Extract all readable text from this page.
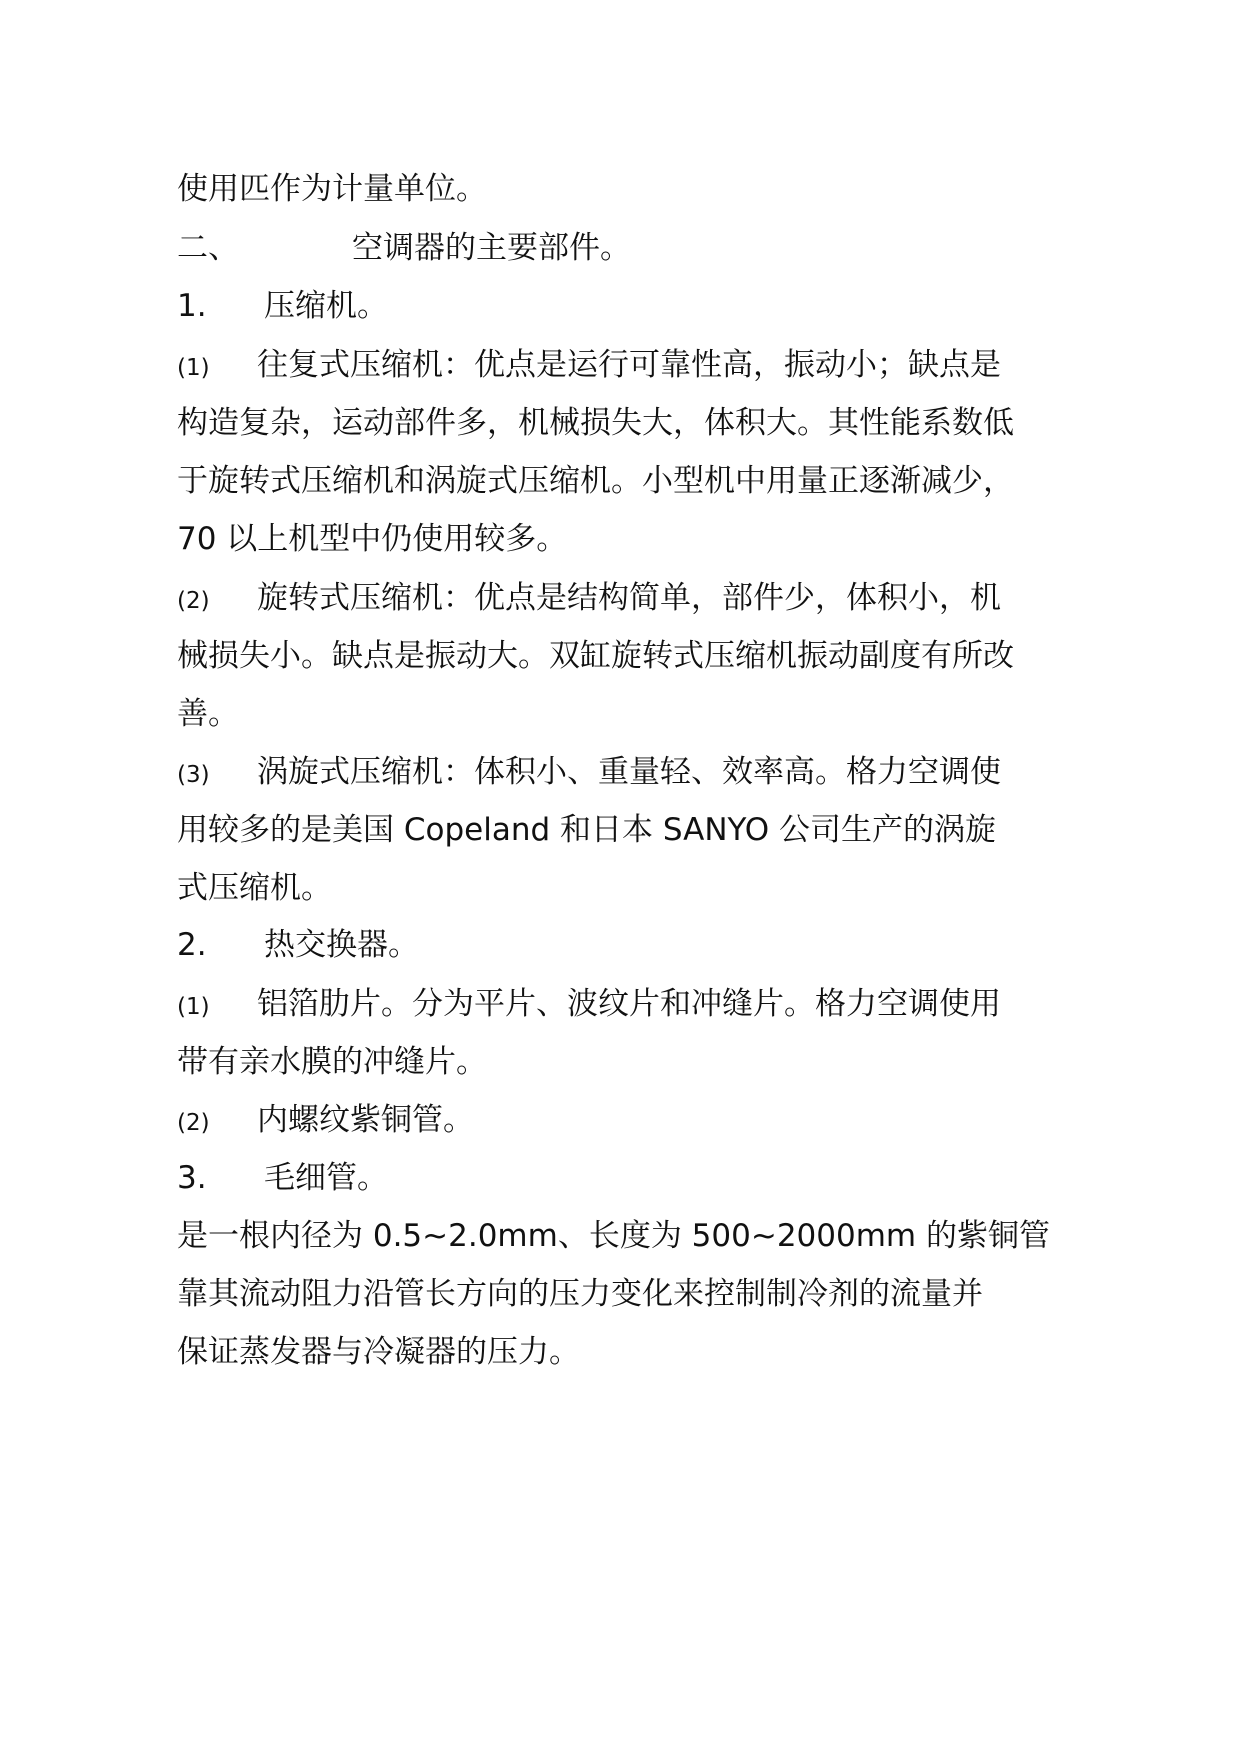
使用匹作为计量单位。
二、	空调器的主要部件。
1. 压缩机。
(1) 往复式压缩机：优点是运行可靠性高，振动小；缺点是
构造复杂，运动部件多，机械损失大，体积大。其性能系数低
于旋转式压缩机和涡旋式压缩机。小型机中用量正逐渐减少，
70 以上机型中仍使用较多。
(2) 旋转式压缩机：优点是结构简单，部件少，体积小，机
械损失小。缺点是振动大。双缸旋转式压缩机振动副度有所改
善。
(3) 涡旋式压缩机：体积小、重量轻、效率高。格力空调使
用较多的是美国 Copeland 和日本 SANYO 公司生产的涡旋
式压缩机。
2. 热交换器。
(1) 铝箔肋片。分为平片、波纹片和冲缝片。格力空调使用
带有亲水膜的冲缝片。
(2) 内螺纹紫铜管。
3. 毛细管。
是一根内径为 0.5~2.0mm、长度为 500~2000mm 的紫铜管
靠其流动阻力沿管长方向的压力变化来控制制冷剂的流量并
保证蒸发器与冷凝器的压力。
